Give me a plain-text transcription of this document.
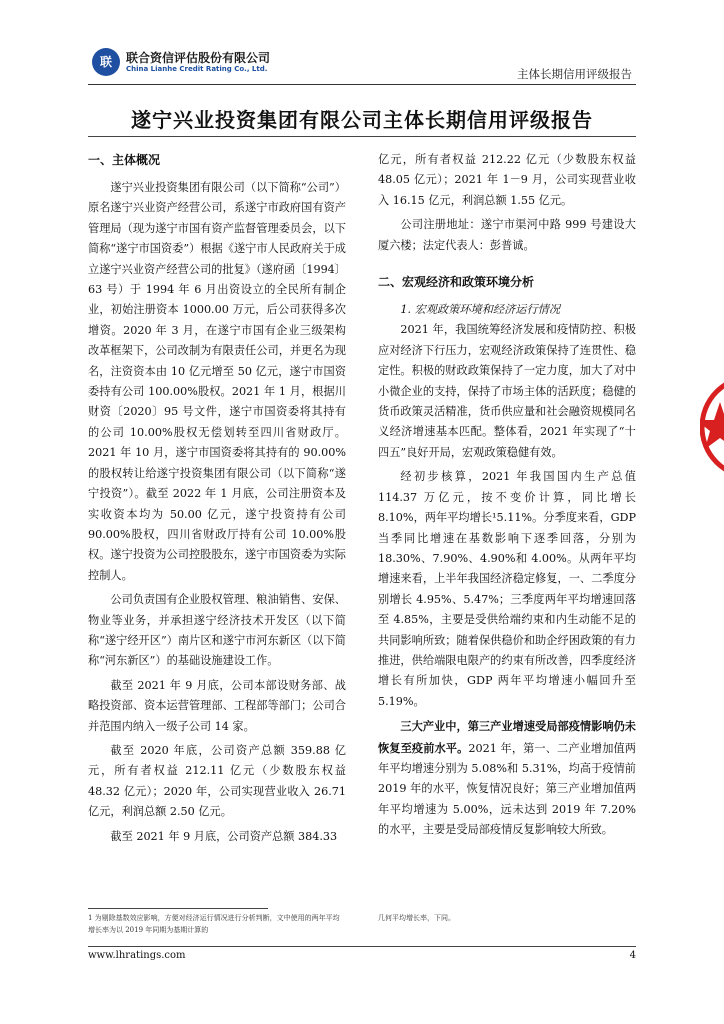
联	联合资信评估股份有限公司
China Lianhe Credit Rating Co., Ltd.	主体长期信用评级报告
遂宁兴业投资集团有限公司主体长期信用评级报告
一、主体概况

遂宁兴业投资集团有限公司（以下简称“公司”）原名遂宁兴业资产经营公司，系遂宁市政府国有资产管理局（现为遂宁市国有资产监督管理委员会，以下简称“遂宁市国资委”）根据《遂宁市人民政府关于成立遂宁兴业资产经营公司的批复》（遂府函〔1994〕63 号）于 1994 年 6 月出资设立的全民所有制企业，初始注册资本 1000.00 万元，后公司获得多次增资。2020 年 3 月，在遂宁市国有企业三级架构改革框架下，公司改制为有限责任公司，并更名为现名，注资资本由 10 亿元增至 50 亿元，遂宁市国资委持有公司 100.00%股权。2021 年 1 月，根据川财资〔2020〕95 号文件，遂宁市国资委将其持有的公司 10.00%股权无偿划转至四川省财政厅。2021 年 10 月，遂宁市国资委将其持有的 90.00%的股权转让给遂宁投资集团有限公司（以下简称“遂宁投资”）。截至 2022 年 1 月底，公司注册资本及实收资本均为 50.00 亿元，遂宁投资持有公司 90.00%股权，四川省财政厅持有公司 10.00%股权。遂宁投资为公司控股股东，遂宁市国资委为实际控制人。

公司负责国有企业股权管理、粮油销售、安保、物业等业务，并承担遂宁经济技术开发区（以下简称“遂宁经开区”）南片区和遂宁市河东新区（以下简称“河东新区”）的基础设施建设工作。

截至 2021 年 9 月底，公司本部设财务部、战略投资部、资本运营管理部、工程部等部门；公司合并范围内纳入一级子公司 14 家。

截至 2020 年底，公司资产总额 359.88 亿元，所有者权益 212.11 亿元（少数股东权益 48.32 亿元）；2020 年，公司实现营业收入 26.71 亿元，利润总额 2.50 亿元。

截至 2021 年 9 月底，公司资产总额 384.33

亿元，所有者权益 212.22 亿元（少数股东权益 48.05 亿元）；2021 年 1－9 月，公司实现营业收入 16.15 亿元，利润总额 1.55 亿元。

公司注册地址：遂宁市渠河中路 999 号建设大厦六楼；法定代表人：彭普诚。

二、宏观经济和政策环境分析
1. 宏观政策环境和经济运行情况

2021 年，我国统筹经济发展和疫情防控、积极应对经济下行压力，宏观经济政策保持了连贯性、稳定性。积极的财政政策保持了一定力度，加大了对中小微企业的支持，保持了市场主体的活跃度；稳健的货币政策灵活精准，货币供应量和社会融资规模同名义经济增速基本匹配。整体看，2021 年实现了“十四五”良好开局，宏观政策稳健有效。

经初步核算，2021 年我国国内生产总值 114.37 万亿元，按不变价计算，同比增长 8.10%，两年平均增长¹5.11%。分季度来看，GDP 当季同比增速在基数影响下逐季回落，分别为 18.30%、7.90%、4.90%和 4.00%。从两年平均增速来看，上半年我国经济稳定修复，一、二季度分别增长 4.95%、5.47%；三季度两年平均增速回落至 4.85%，主要是受供给端约束和内生动能不足的共同影响所致；随着保供稳价和助企纾困政策的有力推进，供给端限电限产的约束有所改善，四季度经济增长有所加快，GDP 两年平均增速小幅回升至 5.19%。

三大产业中，第三产业增速受局部疫情影响仍未恢复至疫前水平。2021 年，第一、二产业增加值两年平均增速分别为 5.08%和 5.31%，均高于疫情前 2019 年的水平，恢复情况良好；第三产业增加值两年平均增速为 5.00%，远未达到 2019 年 7.20%的水平，主要是受局部疫情反复影响较大所致。

1 为剔除基数效应影响，方便对经济运行情况进行分析判断，文中使用的两年平均增长率为以 2019 年同期为基期计算的
几何平均增长率，下同。
www.lhratings.com	4
